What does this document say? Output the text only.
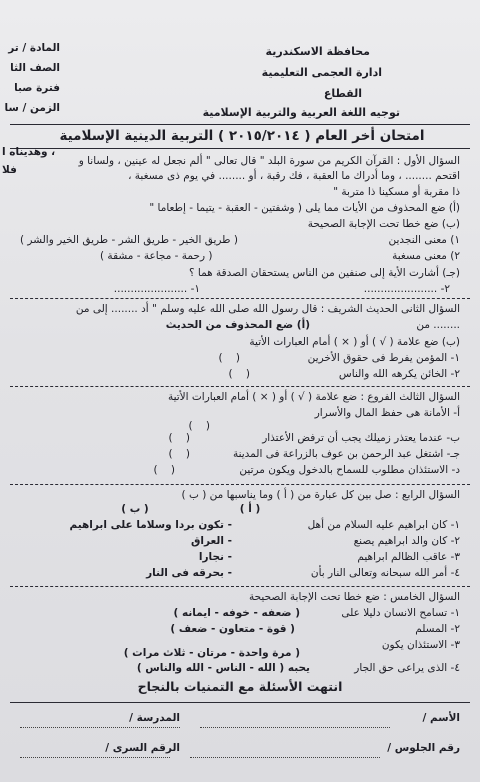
محافظة الاسكندرية
ادارة العجمى التعليمية
القطاع
توجيه اللغة العربية والتربية الإسلامية
المادة / تر
الصف الثا
فترة صبا
الزمن / سا
امتحان أخر العام ( ٢٠١٥/٢٠١٤ ) التربية الدينية الإسلامية
السؤال الأول : القرآن الكريم من سورة البلد " قال تعالى " ألم نجعل له عينين ، ولسانا و
، وهديناه ا
اقتحم ........ ، وما أدراك ما العقبة ، فك رقبة ، أو ........ في يوم ذى مسغبة ،
فلا
ذا مقربة أو مسكينا ذا متربة "
(أ) ضع المحذوف من الأيات مما يلى ( وشفتين - العقبة - يتيما - إطعاما "
(ب) ضع خطا تحت الإجابة الصحيحة
١) معنى النجدين
( طريق الخير - طريق الشر - طريق الخير والشر )
٢) معنى مسغبة
( رحمة - مجاعة - مشقة )
(جـ) أشارت الأية إلى صنفين من الناس يستحقان الصدقة هما ؟
١- ......................	٢- ......................
السؤال الثانى الحديث الشريف : قال رسول الله صلى الله عليه وسلم " أد ........ إلى من
........ من
(أ) ضع المحذوف من الحديث
(ب) ضع علامة ( √ ) أو ( × ) أمام العبارات الأتية
١- المؤمن يفرط فى حقوق الأخرين
(    )
٢- الخائن يكرهه الله والناس
(    )
السؤال الثالث الفروع : ضع علامة ( √ ) أو ( × ) أمام العبارات الأتية
أ- الأمانة هى حفظ المال والأسرار
(    )
ب- عندما يعتذر زميلك يجب أن ترفض الأعتذار
(    )
جـ- اشتغل عبد الرحمن بن عوف بالزراعة فى المدينة
(    )
د- الاستئذان مطلوب للسماح بالدخول ويكون مرتين
(    )
السؤال الرابع : صل بين كل عبارة من ( أ ) وما يناسبها من ( ب )
( أ )
( ب )
١- كان ابراهيم عليه السلام من أهل
- تكون بردا وسلاما على ابراهيم
٢- كان والد ابراهيم يصنع
- العراق
٣- عاقب الظالم ابراهيم
- نجارا
٤- أمر الله سبحانه وتعالى النار بأن
- بحرقه فى النار
السؤال الخامس : ضع خطا تحت الإجابة الصحيحة
١- تسامح الانسان دليلا على
( ضعفه - خوفه - ايمانه )
٢- المسلم
( قوة - متعاون - ضعف )
٣- الاستئذان يكون
( مرة واحدة - مرتان - ثلاث مرات )
٤- الذى يراعى حق الجار
يحبه ( الله - الناس - الله والناس )
انتهت الأسئلة مع التمنيات بالنجاح
الأسم /
المدرسة /
رقم الجلوس /
الرقم السرى /
